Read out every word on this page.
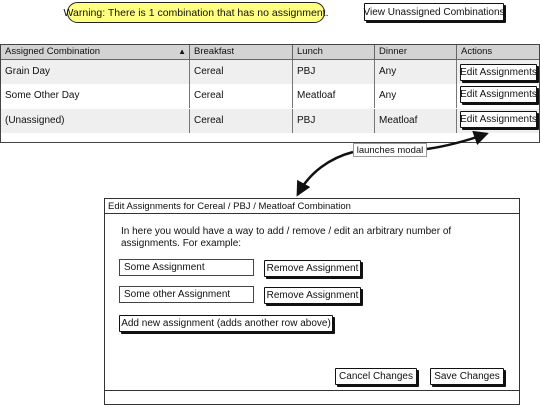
Warning: There is 1 combination that has no assignment.	View Unassigned Combinations
Assigned Combination	▲ Breakfast	Lunch	Dinner	Actions
Grain Day	Cereal	PBJ	Any	Edit Assignments
Some Other Day	Cereal	Meatloaf	Any	Edit Assignments
(Unassigned)	Cereal	PBJ	Meatloaf	Edit Assignments
launches modal
Edit Assignments for Cereal / PBJ / Meatloaf Combination
In here you would have a way to add / remove / edit an arbitrary number of assignments. For example:
Some Assignment	Remove Assignment
Some other Assignment	Remove Assignment
Add new assignment (adds another row above)
Cancel Changes Save Changes
